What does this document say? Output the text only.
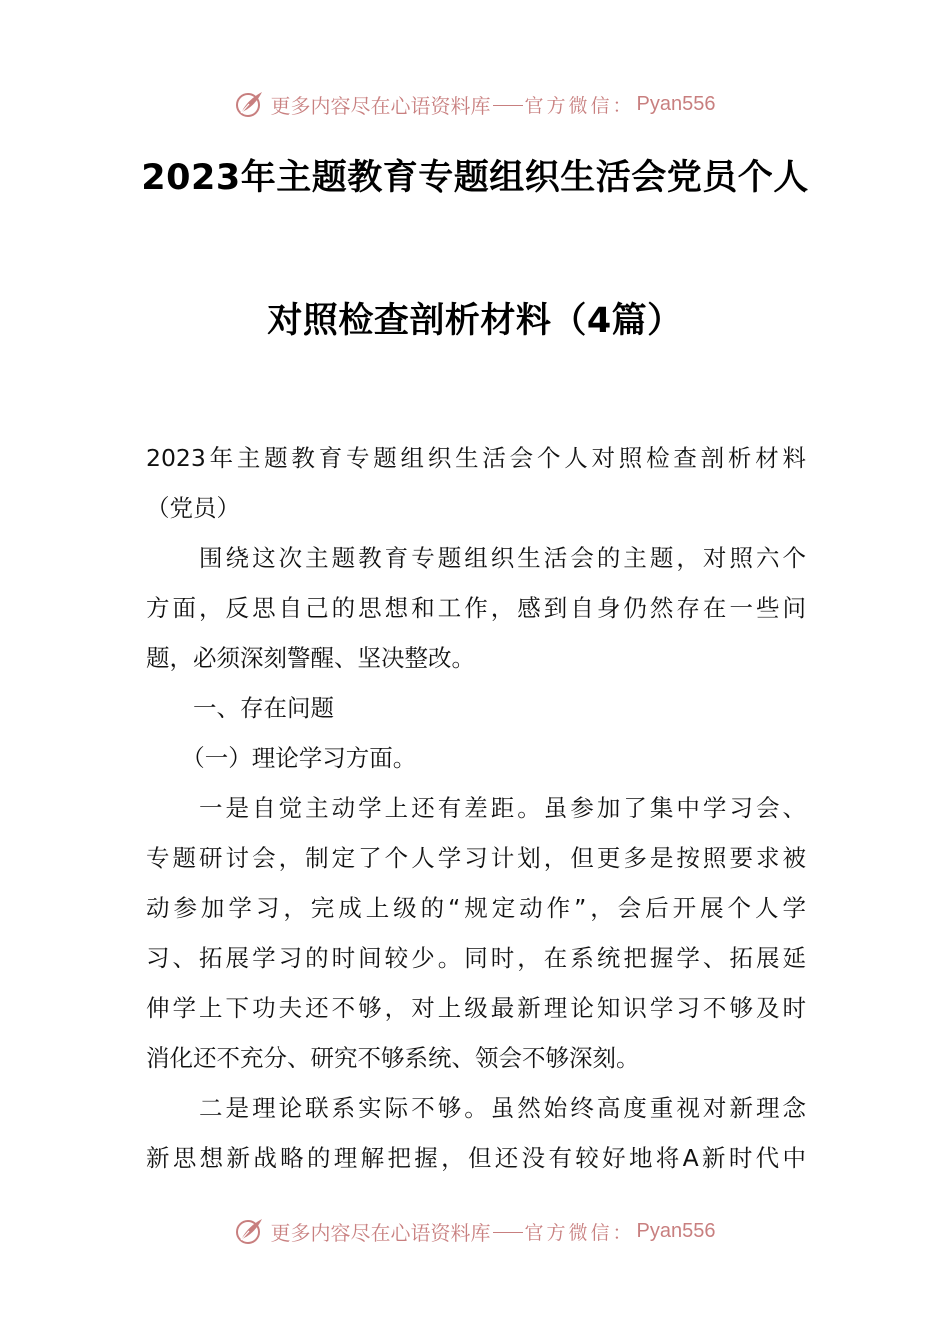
更多内容尽在心语资料库 官方微信： Pyan556
2023年主题教育专题组织生活会党员个人
对照检查剖析材料（4篇）
2023年主题教育专题组织生活会个人对照检查剖析材料
（党员）
　　围绕这次主题教育专题组织生活会的主题，对照六个
方面，反思自己的思想和工作，感到自身仍然存在一些问
题，必须深刻警醒、坚决整改。
　　一、存在问题
　　（一）理论学习方面。
　　一是自觉主动学上还有差距。虽参加了集中学习会、
专题研讨会，制定了个人学习计划，但更多是按照要求被
动参加学习，完成上级的“规定动作”，会后开展个人学
习、拓展学习的时间较少。同时，在系统把握学、拓展延
伸学上下功夫还不够，对上级最新理论知识学习不够及时
消化还不充分、研究不够系统、领会不够深刻。
　　二是理论联系实际不够。虽然始终高度重视对新理念
新思想新战略的理解把握，但还没有较好地将A新时代中
更多内容尽在心语资料库 官方微信： Pyan556
